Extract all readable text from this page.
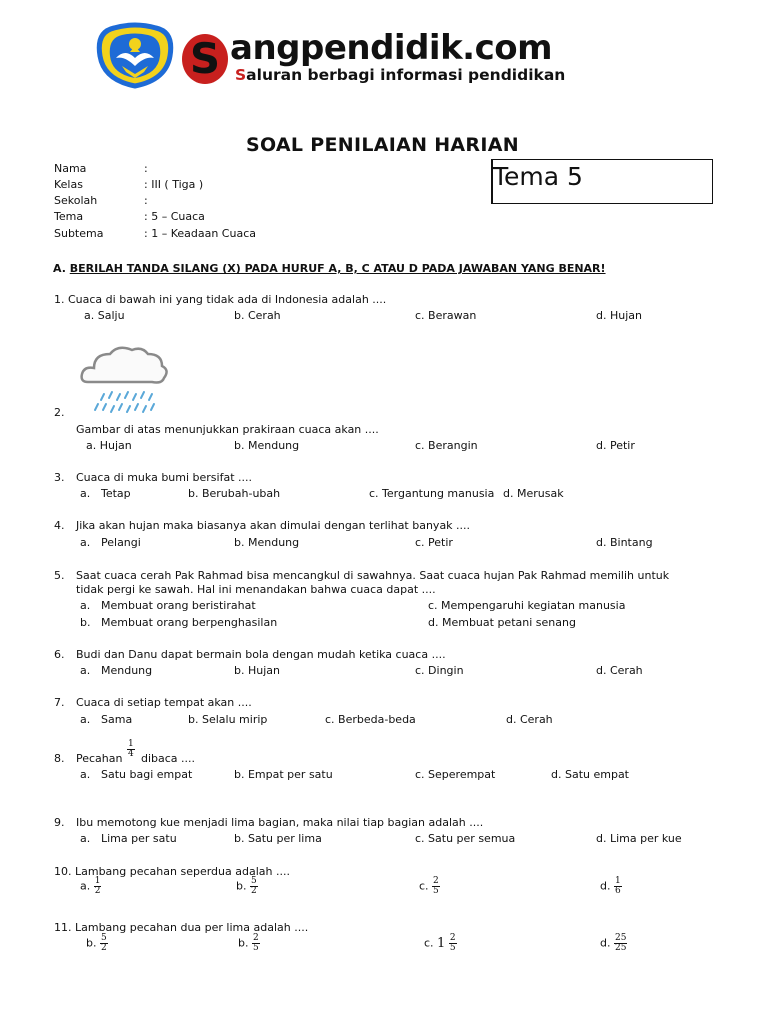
S angpendidik.com
Saluran berbagi informasi pendidikan
SOAL PENILAIAN HARIAN
Tema 5
Nama	:
Kelas	: III ( Tiga )
Sekolah	:
Tema	: 5 – Cuaca
Subtema	: 1 – Keadaan Cuaca
A. BERILAH TANDA SILANG (X) PADA HURUF A, B, C ATAU D PADA JAWABAN YANG BENAR!
1. Cuaca di bawah ini yang tidak ada di Indonesia adalah ....
a. Salju	b. Cerah	c. Berawan	d. Hujan
2.
Gambar di atas menunjukkan prakiraan cuaca akan ....
a. Hujan	b. Mendung	c. Berangin	d. Petir
3. Cuaca di muka bumi bersifat ....
a. Tetap	b. Berubah-ubah	c. Tergantung manusia d. Merusak
4. Jika akan hujan maka biasanya akan dimulai dengan terlihat banyak ....
a. Pelangi	b. Mendung	c. Petir	d. Bintang
5. Saat cuaca cerah Pak Rahmad bisa mencangkul di sawahnya. Saat cuaca hujan Pak Rahmad memilih untuk
tidak pergi ke sawah. Hal ini menandakan bahwa cuaca dapat ....
a. Membuat orang beristirahat	c. Mempengaruhi kegiatan manusia
b. Membuat orang berpenghasilan	d. Membuat petani senang
6. Budi dan Danu dapat bermain bola dengan mudah ketika cuaca ....
a. Mendung	b. Hujan	c. Dingin	d. Cerah
7. Cuaca di setiap tempat akan ....
a. Sama	b. Selalu mirip	c. Berbeda-beda	d. Cerah
8. Pecahan $\frac{1}{4}$ dibaca ....
a. Satu bagi empat	b. Empat per satu	c. Seperempat	d. Satu empat
9. Ibu memotong kue menjadi lima bagian, maka nilai tiap bagian adalah ....
a. Lima per satu	b. Satu per lima	c. Satu per semua	d. Lima per kue
10. Lambang pecahan seperdua adalah ....
a. $\frac{1}{2}$	b. $\frac{5}{2}$	c. $\frac{2}{5}$	d. $\frac{1}{6}$
11. Lambang pecahan dua per lima adalah ....
b. $\frac{5}{2}$	b. $\frac{2}{5}$	c. $1 \frac{2}{5}$	d. $\frac{25}{25}$
